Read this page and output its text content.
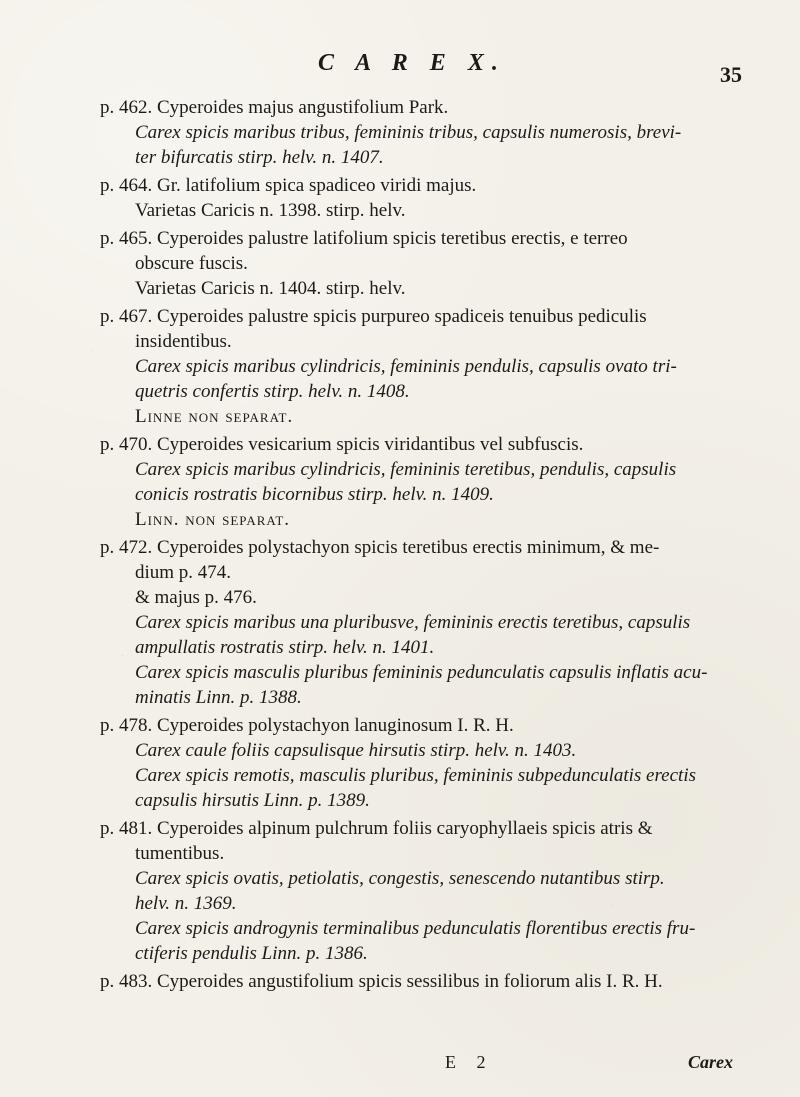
C A R E X.	35
p. 462. Cyperoides majus angustifolium Park.
Carex spicis maribus tribus, femininis tribus, capsulis numerosis, brevi-
ter bifurcatis stirp. helv. n. 1407.
p. 464. Gr. latifolium spica spadiceo viridi majus.
Varietas Caricis n. 1398. stirp. helv.
p. 465. Cyperoides palustre latifolium spicis teretibus erectis, e terreo
obscure fuscis.
Varietas Caricis n. 1404. stirp. helv.
p. 467. Cyperoides palustre spicis purpureo spadiceis tenuibus pediculis
insidentibus.
Carex spicis maribus cylindricis, femininis pendulis, capsulis ovato tri-
quetris confertis stirp. helv. n. 1408.
Linne non separat.
p. 470. Cyperoides vesicarium spicis viridantibus vel subfuscis.
Carex spicis maribus cylindricis, femininis teretibus, pendulis, capsulis
conicis rostratis bicornibus stirp. helv. n. 1409.
Linn. non separat.
p. 472. Cyperoides polystachyon spicis teretibus erectis minimum, & me-
dium p. 474.
& majus p. 476.
Carex spicis maribus una pluribusve, femininis erectis teretibus, capsulis
ampullatis rostratis stirp. helv. n. 1401.
Carex spicis masculis pluribus femininis pedunculatis capsulis inflatis acu-
minatis Linn. p. 1388.
p. 478. Cyperoides polystachyon lanuginosum I. R. H.
Carex caule foliis capsulisque hirsutis stirp. helv. n. 1403.
Carex spicis remotis, masculis pluribus, femininis subpedunculatis erectis
capsulis hirsutis Linn. p. 1389.
p. 481. Cyperoides alpinum pulchrum foliis caryophyllaeis spicis atris &
tumentibus.
Carex spicis ovatis, petiolatis, congestis, senescendo nutantibus stirp.
helv. n. 1369.
Carex spicis androgynis terminalibus pedunculatis florentibus erectis fru-
ctiferis pendulis Linn. p. 1386.
p. 483. Cyperoides angustifolium spicis sessilibus in foliorum alis I. R. H.
E 2	Carex
